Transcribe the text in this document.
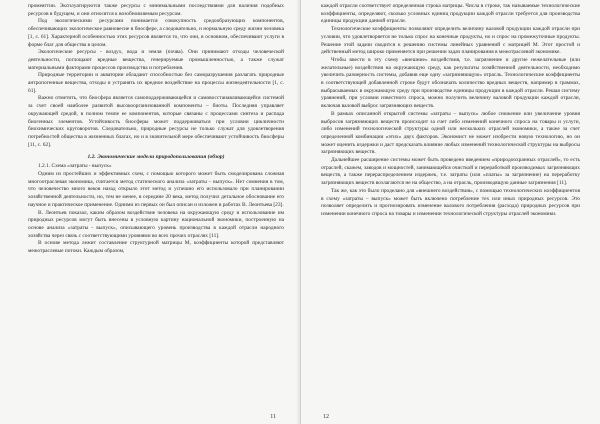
промеягтии. Эксплуатируются также ресурсы с минимальными последствиями для наличия подобных ресурсов в будущем, и они относятся к возобновляемым ресурсам.

Под экологическими ресурсами понимается совокупность средообразующих компонентов, обеспечивающих экологическое равновесие в биосфере, а следовательно, и нормальную среду жизни человека [1, с. 61]. Характерной особенностью этих ресурсов является то, что они, в основном, обеспечивают услуги в форме благ для общества в целом.

Экологические ресурсы - воздух, вода и земля (почва). Они принимают отходы человеческой деятельности, поглощают вредные вещества, генерируемые промышленностью, а также служат материальными факторами процессов производства и потребления.

Природные территории и акватории обладают способностью без саморазрушения разлагать природные антропогенные вещества, отходы и устранять их вредное воздействие на процессы жизнедеятельности [1, с. 61].

Важно отметить, что биосфера является самоподдерживающейся и самовосстанавливающейся системой за счет своей наиболее развитой высокоорганизованной компоненты – биоты. Последняя управляет окружающей средой, в полном темпе ее компонентов, которые связаны с процессами синтеза и распада биогенных элементов. Устойчивость биосферы может поддерживаться при условии цикличности биохимических круговоротов. Следовательно, природные ресурсы не только служат для удовлетворения потребностей общества в жизненных благах, но и в значительной мере обеспечивают устойчивость биосферы [11, с. 62].

1.2. Экономические модели природопользования (обзор)

1.2.1. Схема «затраты - выпуск»

Одним из простейших и эффективных схем, с помощью которого может быть смоделирована сложная многоотраслевая экономика, считается метод статического анализа «затраты – выпуск». Нет сомнения в том, что человечество много веков назад открыло этот метод и успешно его использовало при планировании хозяйственной деятельности, но, тем не менее, в середине 20 века, метод получил детальное обоснование его научное и практическое применение. Одними из первых он был описан и изложен в работах В. Леонтьева [23].

В. Леонтьев показал, каким образом воздействие человека на окружающую среду и использование им природных ресурсов могут быть внесены в условную картину национальной экономики, построенную на основе анализа «затраты - выпуск», описывающего уровень производства в каждой отрасли народного хозяйства через связь с соответствующими уровнями во всех прочих отраслях [11].

В основе метода лежит составление структурной матрицы M, коэффициенты которой представляют межотраслевые потоки. Каждым образом,

11

каждой отрасли соответствует определенная строка матрицы. Числа в строке, так называемые технологические коэффициенты, определяют, сколько условных единиц продукции каждой отрасли требуется для производства единицы продукции данной отрасли.

Технологические коэффициенты позволяют определить величину валовой продукции каждой отрасли при условии, что удовлетворяется не только спрос на конечные продукты, но и спрос на промежуточные продукты. Решение этой задачи сводится к решению системы линейных уравнений с матрицей M. Этот простой и действенный метод широко применяется при решении задач планирования в межотраслевой экономике.

Чтобы ввести в эту схему «внешние» воздействия, т.е. загрязнение и другие нежелательные (или желательные) воздействия на окружающую среду, как результаты хозяйственной деятельности, необходимо увеличить размерность системы, добавив еще одну «загрязняющую» отрасль. Технологические коэффициенты в соответствующей добавленной строке будут обозначать количество вредных веществ, например в граммах, выбрасываемых в окружающую среду при производстве единицы продукции в каждой отрасли. Решая систему уравнений, при условии известного спроса, можно получить величину валовой продукции каждой отрасли, включая валовой выброс загрязняющих веществ.

В рамках описанной открытой системы «затраты – выпуск» любое снижение или увеличение уровня выбросов загрязняющих веществ происходит за счет либо изменений конечного спроса на товары и услуги, либо изменений технологической структуры одной или нескольких отраслей экономики, а также за счет определенной комбинации «этих» двух факторов. Экономист не может изобрести новую технологию, но он может оценить издержки и даст предсказать влияние любых изменений технологической структуры на выбросы загрязняющих веществ.

Дальнейшее расширение системы может быть проведено введением «природоохранных отраслей», то есть отраслей, скажем, заводов и мощностей, занимающейся очисткой и переработкой производимых загрязняющих веществ, а также перераспределением издержек, т.е. затраты (или «платы» за загрязнение) на переработку загрязняющих веществ возлагаются не на общество, а на отрасль, производящую данные загрязнения [11].

Так же, как это было проделано для «внешнего воздействия», с помощью технологических коэффициентов в схему «затраты – выпуск» может быть включено потребление тех или иных природных ресурсов. Это позволяет определить и прогнозировать изменение валового потребления (расхода) природных ресурсов при изменении конечного спроса на товары и изменении технологической структуры отраслей экономики.

12
